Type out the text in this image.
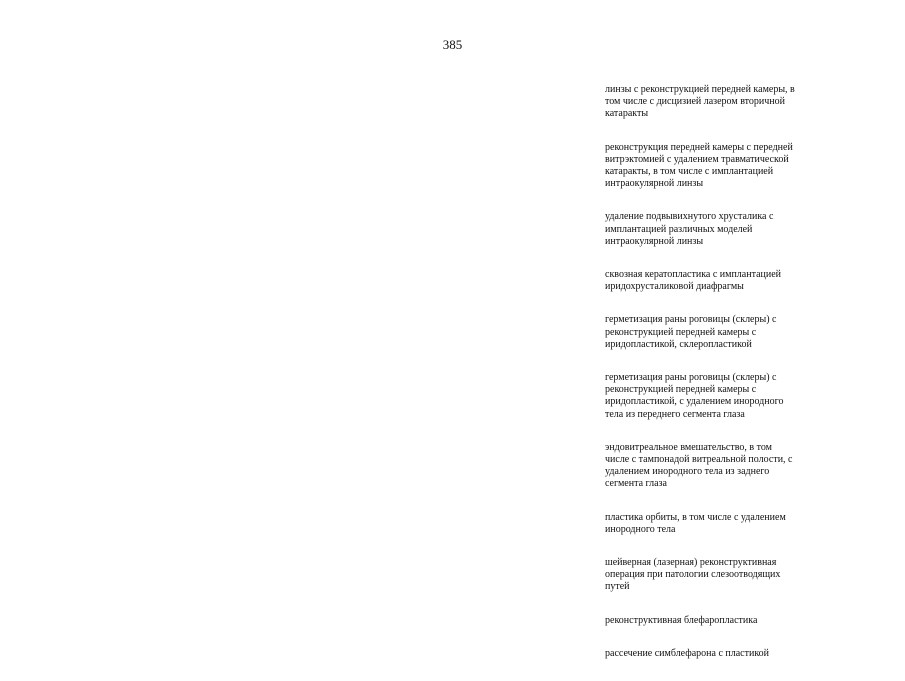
385
линзы с реконструкцией передней камеры, в
том числе с дисцизией лазером вторичной
катаракты
реконструкция передней камеры с передней
витрэктомией с удалением травматической
катаракты, в том числе с имплантацией
интраокулярной линзы
удаление подвывихнутого хрусталика с
имплантацией различных моделей
интраокулярной линзы
сквозная кератопластика с имплантацией
иридохрусталиковой диафрагмы
герметизация раны роговицы (склеры) с
реконструкцией передней камеры с
иридопластикой, склеропластикой
герметизация раны роговицы (склеры) с
реконструкцией передней камеры с
иридопластикой, с удалением инородного
тела из переднего сегмента глаза
эндовитреальное вмешательство, в том
числе с тампонадой витреальной полости, с
удалением инородного тела из заднего
сегмента глаза
пластика орбиты, в том числе с удалением
инородного тела
шейверная (лазерная) реконструктивная
операция при патологии слезоотводящих
путей
реконструктивная блефаропластика
рассечение симблефарона с пластикой
